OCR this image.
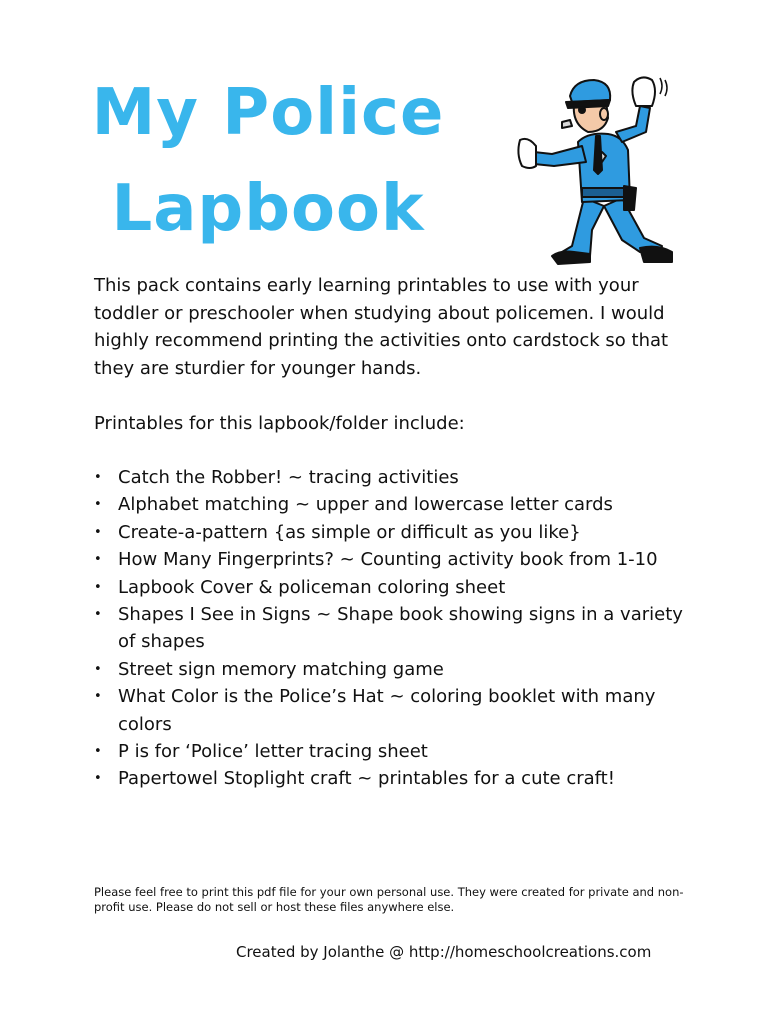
My Police
Lapbook

This pack contains early learning printables to use with your toddler or preschooler when studying about policemen. I would highly recommend printing the activities onto cardstock so that they are sturdier for younger hands.

Printables for this lapbook/folder include:
• Catch the Robber! ~ tracing activities
• Alphabet matching ~ upper and lowercase letter cards
• Create-a-pattern {as simple or difficult as you like}
• How Many Fingerprints? ~ Counting activity book from 1-10
• Lapbook Cover & policeman coloring sheet
• Shapes I See in Signs ~ Shape book showing signs in a variety of shapes
• Street sign memory matching game
• What Color is the Police’s Hat ~ coloring booklet with many colors
• P is for ‘Police’ letter tracing sheet
• Papertowel Stoplight craft ~ printables for a cute craft!
Please feel free to print this pdf file for your own personal use. They were created for private and non-profit use. Please do not sell or host these files anywhere else.
Created by Jolanthe @ http://homeschoolcreations.com
